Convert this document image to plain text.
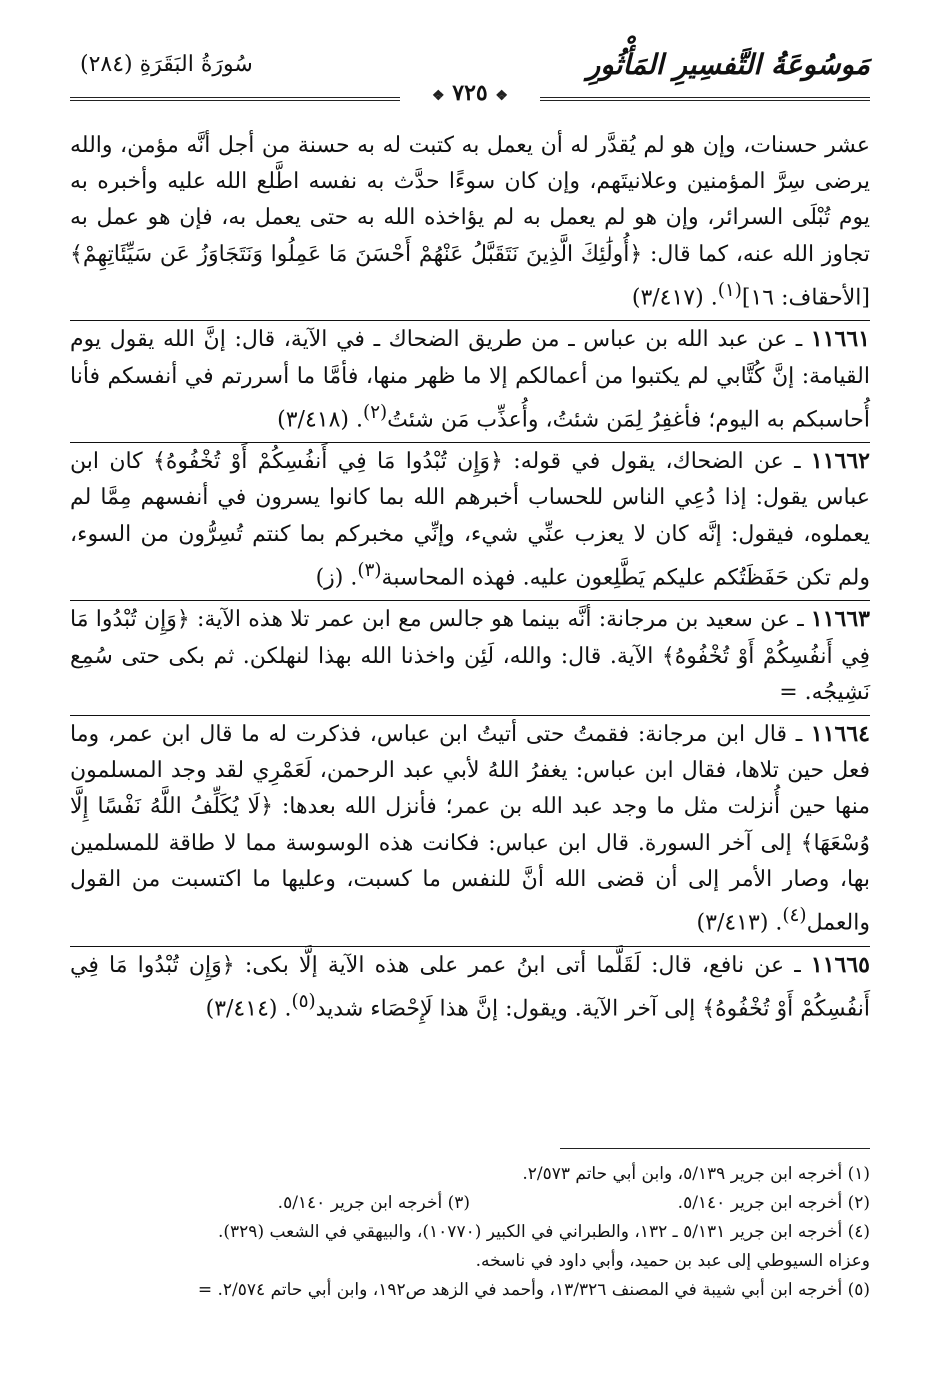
مَوسُوعَةُ التَّفسِيرِ المَأْثُورِ
سُورَةُ البَقَرَةِ (٢٨٤)
❖ ٧٢٥ ❖

عشر حسنات، وإن هو لم يُقدَّر له أن يعمل به كتبت له به حسنة من أجل أنَّه مؤمن، والله يرضى سِرَّ المؤمنين وعلانيتَهم، وإن كان سوءًا حدَّث به نفسه اطَّلع الله عليه وأخبره به يوم تُبْلَى السرائر، وإن هو لم يعمل به لم يؤاخذه الله به حتى يعمل به، فإن هو عمل به تجاوز الله عنه، كما قال: ﴿أُولَٰئِكَ الَّذِينَ نَتَقَبَّلُ عَنْهُمْ أَحْسَنَ مَا عَمِلُوا وَنَتَجَاوَزُ عَن سَيِّئَاتِهِمْ﴾ [الأحقاف: ١٦]$^{(١)}$. (٣/٤١٧)

١١٦٦١ ـ عن عبد الله بن عباس ـ من طريق الضحاك ـ في الآية، قال: إنَّ الله يقول يوم القيامة: إنَّ كُتَّابي لم يكتبوا من أعمالكم إلا ما ظهر منها، فأمَّا ما أسررتم في أنفسكم فأنا أُحاسبكم به اليوم؛ فأغفِرُ لِمَن شئتُ، وأُعذِّب مَن شئتُ$^{(٢)}$. (٣/٤١٨)

١١٦٦٢ ـ عن الضحاك، يقول في قوله: ﴿وَإِن تُبْدُوا مَا فِي أَنفُسِكُمْ أَوْ تُخْفُوهُ﴾ كان ابن عباس يقول: إذا دُعِي الناس للحساب أخبرهم الله بما كانوا يسرون في أنفسهم مِمَّا لم يعملوه، فيقول: إنَّه كان لا يعزب عنِّي شيء، وإنِّي مخبركم بما كنتم تُسِرُّون من السوء، ولم تكن حَفَظَتُكم عليكم يَطَّلِعون عليه. فهذه المحاسبة$^{(٣)}$. (ز)

١١٦٦٣ ـ عن سعيد بن مرجانة: أنَّه بينما هو جالس مع ابن عمر تلا هذه الآية: ﴿وَإِن تُبْدُوا مَا فِي أَنفُسِكُمْ أَوْ تُخْفُوهُ﴾ الآية. قال: والله، لَئِن واخذنا الله بهذا لنهلكن. ثم بكى حتى سُمِع نَشِيجُه. =

١١٦٦٤ ـ قال ابن مرجانة: فقمتُ حتى أتيتُ ابن عباس، فذكرت له ما قال ابن عمر، وما فعل حين تلاها، فقال ابن عباس: يغفرُ اللهُ لأبي عبد الرحمن، لَعَمْرِي لقد وجد المسلمون منها حين أُنزلت مثل ما وجد عبد الله بن عمر؛ فأنزل الله بعدها: ﴿لَا يُكَلِّفُ اللَّهُ نَفْسًا إِلَّا وُسْعَهَا﴾ إلى آخر السورة. قال ابن عباس: فكانت هذه الوسوسة مما لا طاقة للمسلمين بها، وصار الأمر إلى أن قضى الله أنَّ للنفس ما كسبت، وعليها ما اكتسبت من القول والعمل$^{(٤)}$. (٣/٤١٣)

١١٦٦٥ ـ عن نافع، قال: لَقَلَّما أتى ابنُ عمر على هذه الآية إلَّا بكى: ﴿وَإِن تُبْدُوا مَا فِي أَنفُسِكُمْ أَوْ تُخْفُوهُ﴾ إلى آخر الآية. ويقول: إنَّ هذا لَإِحْصَاء شديد$^{(٥)}$. (٣/٤١٤)

(١) أخرجه ابن جرير ٥/١٣٩، وابن أبي حاتم ٢/٥٧٣.
(٢) أخرجه ابن جرير ٥/١٤٠.
(٣) أخرجه ابن جرير ٥/١٤٠.
(٤) أخرجه ابن جرير ٥/١٣١ ـ ١٣٢، والطبراني في الكبير (١٠٧٧٠)، والبيهقي في الشعب (٣٢٩).
وعزاه السيوطي إلى عبد بن حميد، وأبي داود في ناسخه.
(٥) أخرجه ابن أبي شيبة في المصنف ١٣/٣٢٦، وأحمد في الزهد ص١٩٢، وابن أبي حاتم ٢/٥٧٤. =
